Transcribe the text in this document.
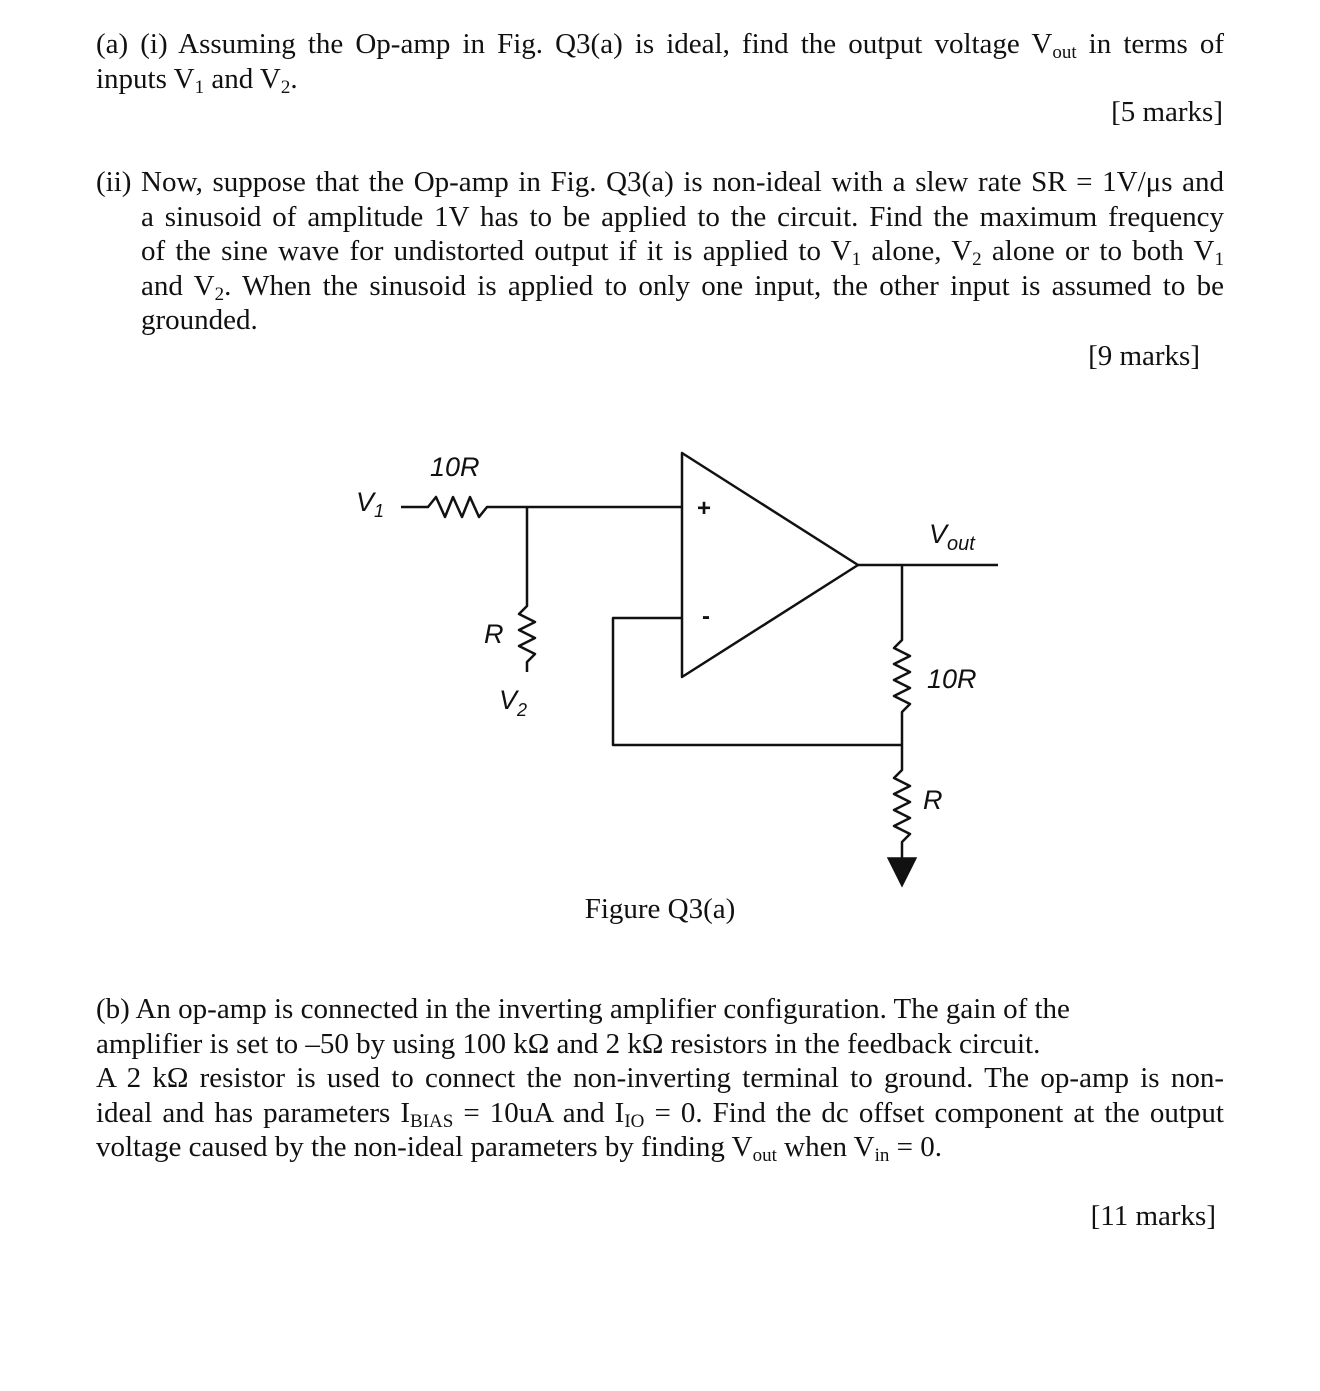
(a) (i) Assuming the Op-amp in Fig. Q3(a) is ideal, find the output voltage $V_{out}$ in terms of
inputs $V_1$ and $V_2$.
[5 marks]
(ii) Now, suppose that the Op-amp in Fig. Q3(a) is non-ideal with a slew rate SR = 1V/μs and
a sinusoid of amplitude 1V has to be applied to the circuit. Find the maximum frequency
of the sine wave for undistorted output if it is applied to $V_1$ alone, $V_2$ alone or to both $V_1$
and $V_2$. When the sinusoid is applied to only one input, the other input is assumed to be
grounded.
[9 marks]
$V_1$
10R
R
$V_2$
+
-
$V_{out}$
10R
R
Figure Q3(a)
(b) An op-amp is connected in the inverting amplifier configuration. The gain of the
amplifier is set to –50 by using 100 kΩ and 2 kΩ resistors in the feedback circuit.
A 2 kΩ resistor is used to connect the non-inverting terminal to ground. The op-amp is non-
ideal and has parameters $I_{BIAS} = 10uA$ and $I_{IO} = 0$. Find the dc offset component at the output
voltage caused by the non-ideal parameters by finding $V_{out}$ when $V_{in} = 0$.
[11 marks]
